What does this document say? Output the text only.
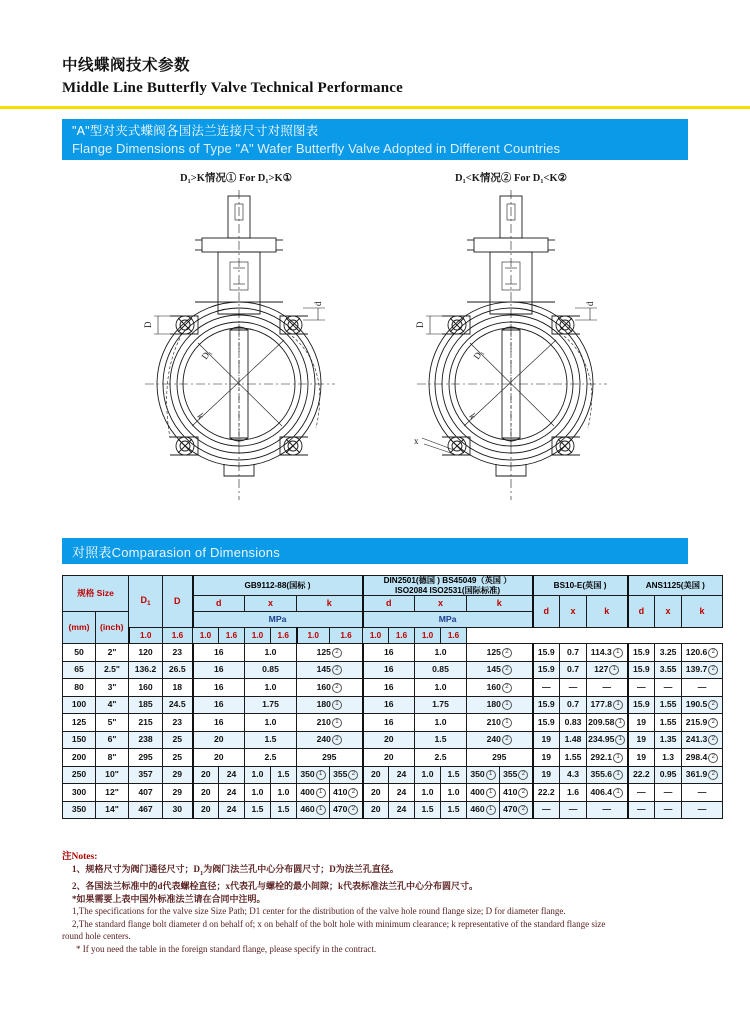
中线蝶阀技术参数
Middle Line Butterfly Valve Technical Performance
"A"型对夹式蝶阀各国法兰连接尺寸对照图表
Flange Dimensions of Type "A" Wafer Butterfly Valve Adopted in Different Countries
D₁>K情况① For D₁>K①	D₁<K情况② For D₁<K②
D
D₁
k
d
D
D₁
k
d
x
对照表Comparasion of Dimensions
规格 Size		$D_1$	D	GB9112-88(国标 )						DIN2501(德国 ) BS45049（英国 ）
ISO2084 ISO2531(国际标准)						BS10-E(英国 )			ANS1125(美国 )		
				d		x		k		d		x		k		d	x	k	d	x	k
(mm)	(inch)			MPa						MPa											
		1.0	1.6	1.0	1.6	1.0	1.6	1.0	1.6	1.0	1.6	1.0	1.6								
50	2"	120	23	16		1.0		125 2		16		1.0		125 2		15.9	0.7	114.3 1	15.9	3.25	120.6 2
65	2.5"	136.2	26.5	16		0.85		145 2		16		0.85		145 2		15.9	0.7	127 1	15.9	3.55	139.7 2
80	3"	160	18	16		1.0		160 2		16		1.0		160 2		—	—	—	—	—	—
100	4"	185	24.5	16		1.75		180 1		16		1.75		180 1		15.9	0.7	177.8 1	15.9	1.55	190.5 2
125	5"	215	23	16		1.0		210 1		16		1.0		210 1		15.9	0.83	209.58 1	19	1.55	215.9 2
150	6"	238	25	20		1.5		240 2		20		1.5		240 2		19	1.48	234.95 1	19	1.35	241.3 2
200	8"	295	25	20		2.5		295		20		2.5		295		19	1.55	292.1 1	19	1.3	298.4 2
250	10"	357	29	20	24	1.0	1.5	350 1	355 2	20	24	1.0	1.5	350 1	355 2	19	4.3	355.6 1	22.2	0.95	361.9 2
300	12"	407	29	20	24	1.0	1.0	400 1	410 2	20	24	1.0	1.0	400 1	410 2	22.2	1.6	406.4 1	—	—	—
350	14"	467	30	20	24	1.5	1.5	460 1	470 2	20	24	1.5	1.5	460 1	470 2	—	—	—	—	—	—
注Notes:
1、规格尺寸为阀门通径尺寸；$D_1$为阀门法兰孔中心分布圆尺寸；D为法兰孔直径。
2、各国法兰标准中的d代表螺栓直径；x代表孔与螺栓的最小间隙；k代表标准法兰孔中心分布圆尺寸。
*如果需要上表中国外标准法兰请在合同中注明。
1,The specifications for the valve size Size Path; D1 center for the distribution of the valve hole round flange size; D for diameter flange.
2,The standard flange bolt diameter d on behalf of; x on behalf of the bolt hole with minimum clearance; k representative of the standard flange size
round hole centers.
* If you need the table in the foreign standard flange, please specify in the contract.
